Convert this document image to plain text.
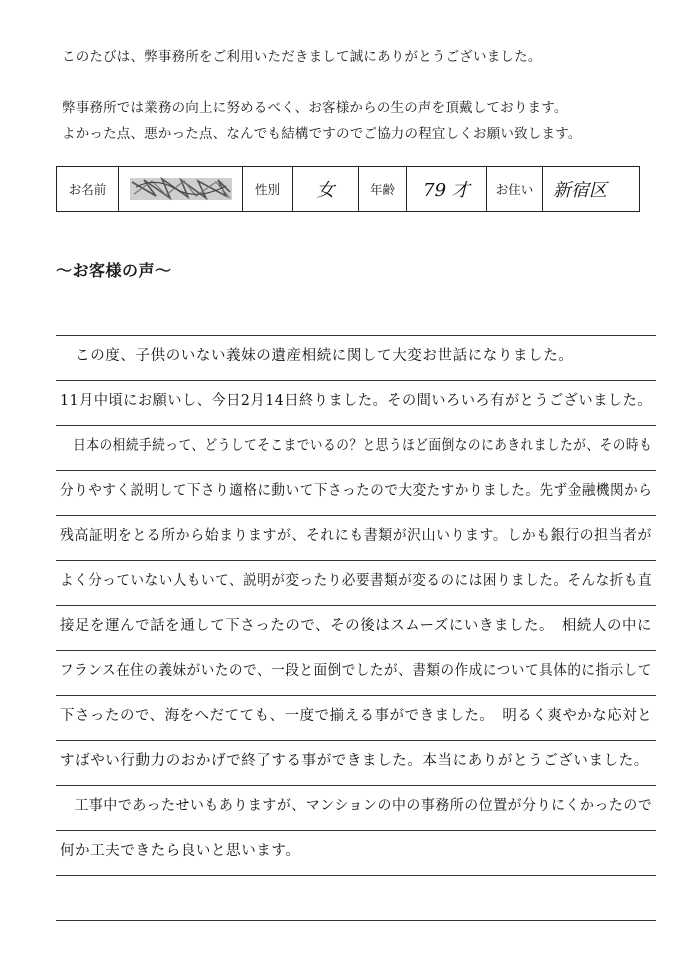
このたびは、弊事務所をご利用いただきまして誠にありがとうございました。
弊事務所では業務の向上に努めるべく、お客様からの生の声を頂戴しております。
よかった点、悪かった点、なんでも結構ですのでご協力の程宜しくお願い致します。
お名前	性別 女	年齢 79 才 お住い 新宿区
～お客様の声～
　この度、子供のいない義妹の遺産相続に関して大変お世話になりました。
11月中頃にお願いし、今日2月14日終りました。その間いろいろ有がとうございました。
　日本の相続手続って、どうしてそこまでいるの？と思うほど面倒なのにあきれましたが、その時も
分りやすく説明して下さり適格に動いて下さったので大変たすかりました。先ず金融機関から
残高証明をとる所から始まりますが、それにも書類が沢山いります。しかも銀行の担当者が
よく分っていない人もいて、説明が変ったり必要書類が変るのには困りました。そんな折も直
接足を運んで話を通して下さったので、その後はスムーズにいきました。　相続人の中に
フランス在住の義妹がいたので、一段と面倒でしたが、書類の作成について具体的に指示して
下さったので、海をへだてても、一度で揃える事ができました。　明るく爽やかな応対と
すばやい行動力のおかげで終了する事ができました。本当にありがとうございました。
　工事中であったせいもありますが、マンションの中の事務所の位置が分りにくかったので
何か工夫できたら良いと思います。
